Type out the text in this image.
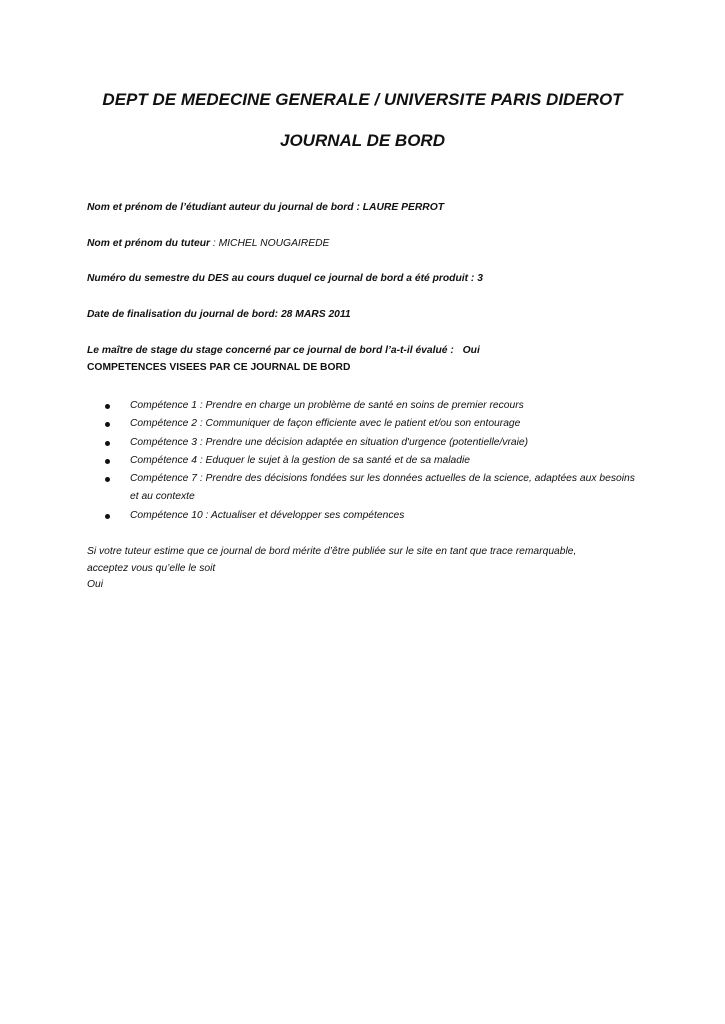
DEPT DE MEDECINE GENERALE / UNIVERSITE PARIS DIDEROT
JOURNAL DE BORD

Nom et prénom de l’étudiant auteur du journal de bord : LAURE PERROT

Nom et prénom du tuteur : MICHEL NOUGAIREDE

Numéro du semestre du DES au cours duquel ce journal de bord a été produit : 3

Date de finalisation du journal de bord: 28 MARS 2011

Le maître de stage du stage concerné par ce journal de bord l’a-t-il évalué : Oui

COMPETENCES VISEES PAR CE JOURNAL DE BORD

Compétence 1 : Prendre en charge un problème de santé en soins de premier recours
Compétence 2 : Communiquer de façon efficiente avec le patient et/ou son entourage
Compétence 3 : Prendre une décision adaptée en situation d'urgence (potentielle/vraie)
Compétence 4 : Eduquer le sujet à la gestion de sa santé et de sa maladie
Compétence 7 : Prendre des décisions fondées sur les données actuelles de la science, adaptées aux besoins et au contexte
Compétence 10 : Actualiser et développer ses compétences

Si votre tuteur estime que ce journal de bord mérite d’être publiée sur le site en tant que trace remarquable,
acceptez vous qu’elle le soit
Oui
